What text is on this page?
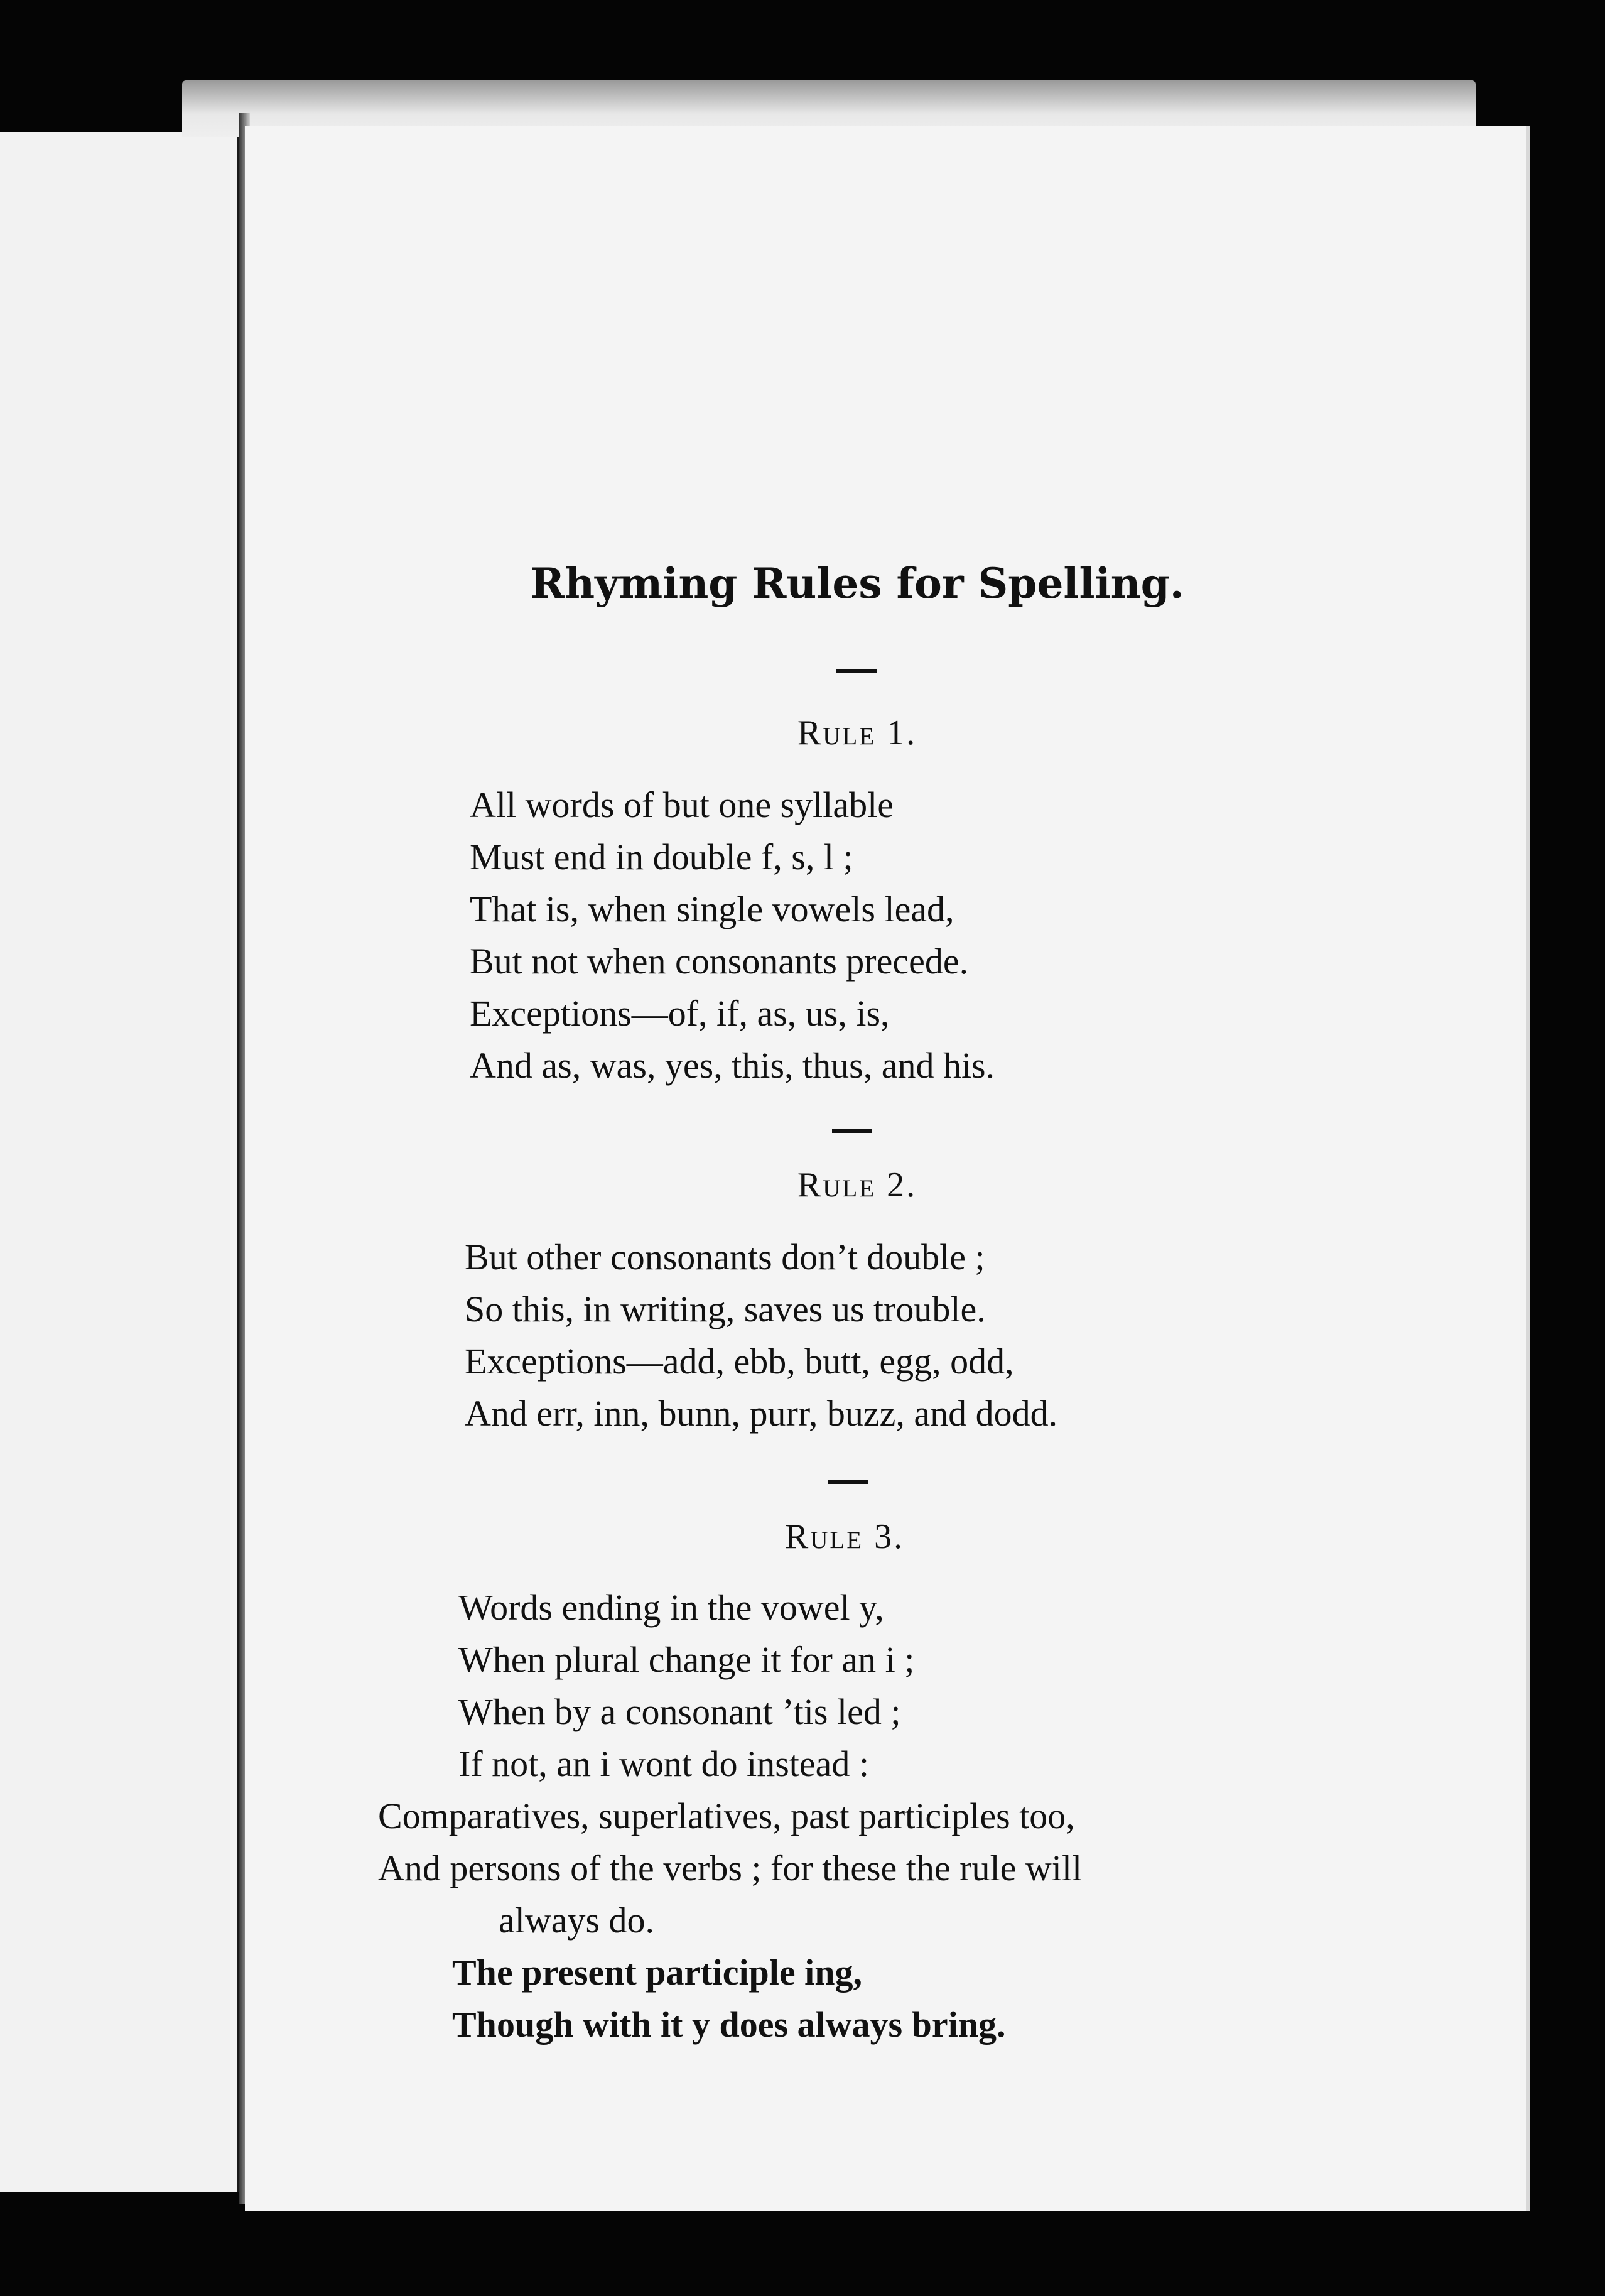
Rhyming Rules for Spelling.
Rule 1.
All words of but one syllable
Must end in double f, s, l ;
That is, when single vowels lead,
But not when consonants precede.
Exceptions—of, if, as, us, is,
And as, was, yes, this, thus, and his.
Rule 2.
But other consonants don’t double ;
So this, in writing, saves us trouble.
Exceptions—add, ebb, butt, egg, odd,
And err, inn, bunn, purr, buzz, and dodd.
Rule 3.
Words ending in the vowel y,
When plural change it for an i ;
When by a consonant ’tis led ;
If not, an i wont do instead :
Comparatives, superlatives, past participles too,
And persons of the verbs ; for these the rule will
always do.
The present participle ing,
Though with it y does always bring.
